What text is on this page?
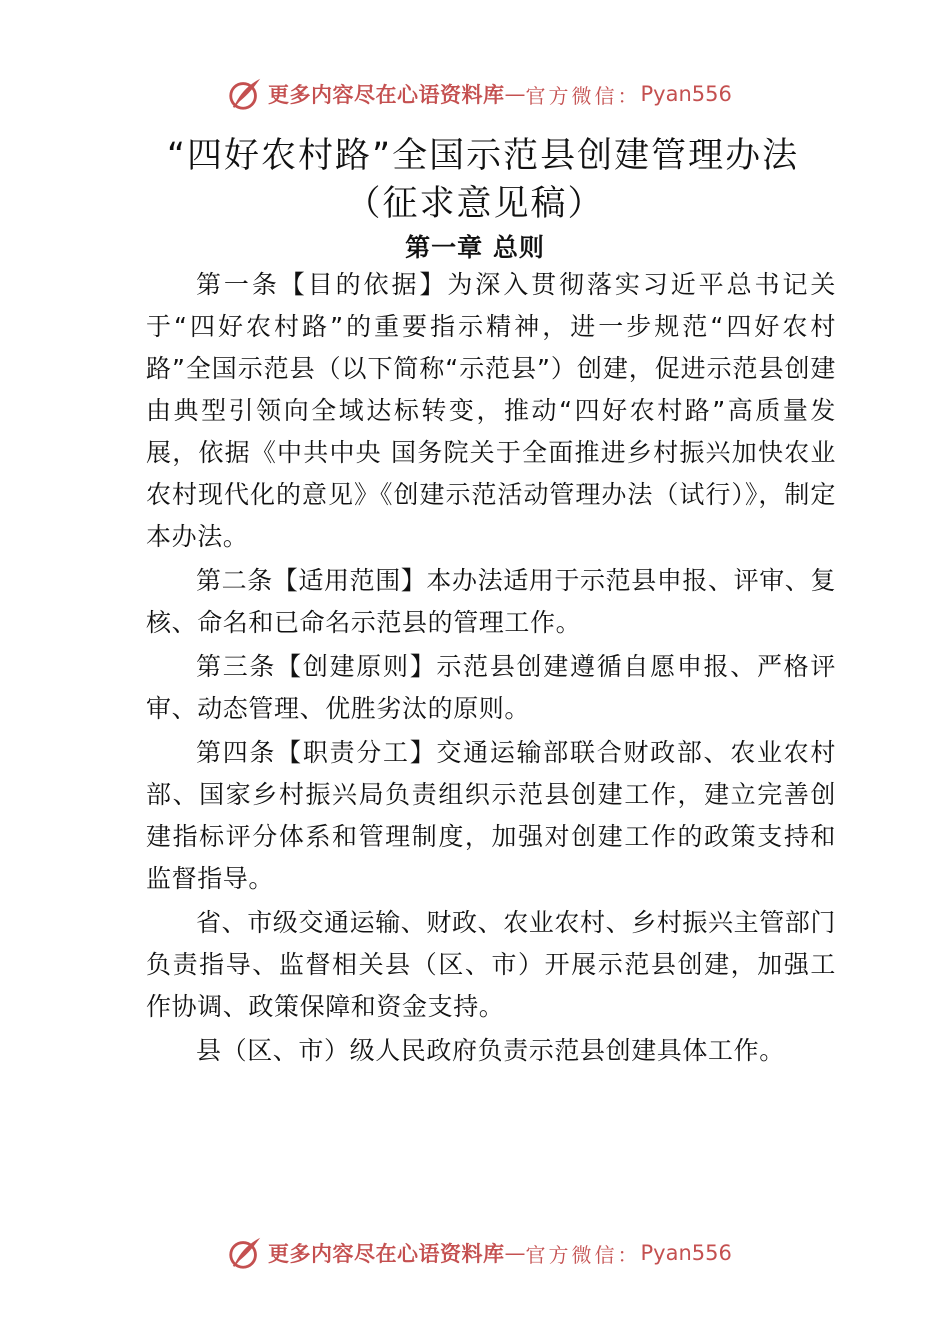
更多内容尽在心语资料库 — 官方微信： Pyan556
“四好农村路”全国示范县创建管理办法
（征求意见稿）
第一章 总则

第一条【目的依据】为深入贯彻落实习近平总书记关于“四好农村路”的重要指示精神，进一步规范“四好农村路”全国示范县（以下简称“示范县”）创建，促进示范县创建由典型引领向全域达标转变，推动“四好农村路”高质量发展，依据《中共中央 国务院关于全面推进乡村振兴加快农业农村现代化的意见》《创建示范活动管理办法（试行）》，制定本办法。

第二条【适用范围】本办法适用于示范县申报、评审、复核、命名和已命名示范县的管理工作。

第三条【创建原则】示范县创建遵循自愿申报、严格评审、动态管理、优胜劣汰的原则。

第四条【职责分工】交通运输部联合财政部、农业农村部、国家乡村振兴局负责组织示范县创建工作，建立完善创建指标评分体系和管理制度，加强对创建工作的政策支持和监督指导。

省、市级交通运输、财政、农业农村、乡村振兴主管部门负责指导、监督相关县（区、市）开展示范县创建，加强工作协调、政策保障和资金支持。

县（区、市）级人民政府负责示范县创建具体工作。

更多内容尽在心语资料库 — 官方微信： Pyan556
